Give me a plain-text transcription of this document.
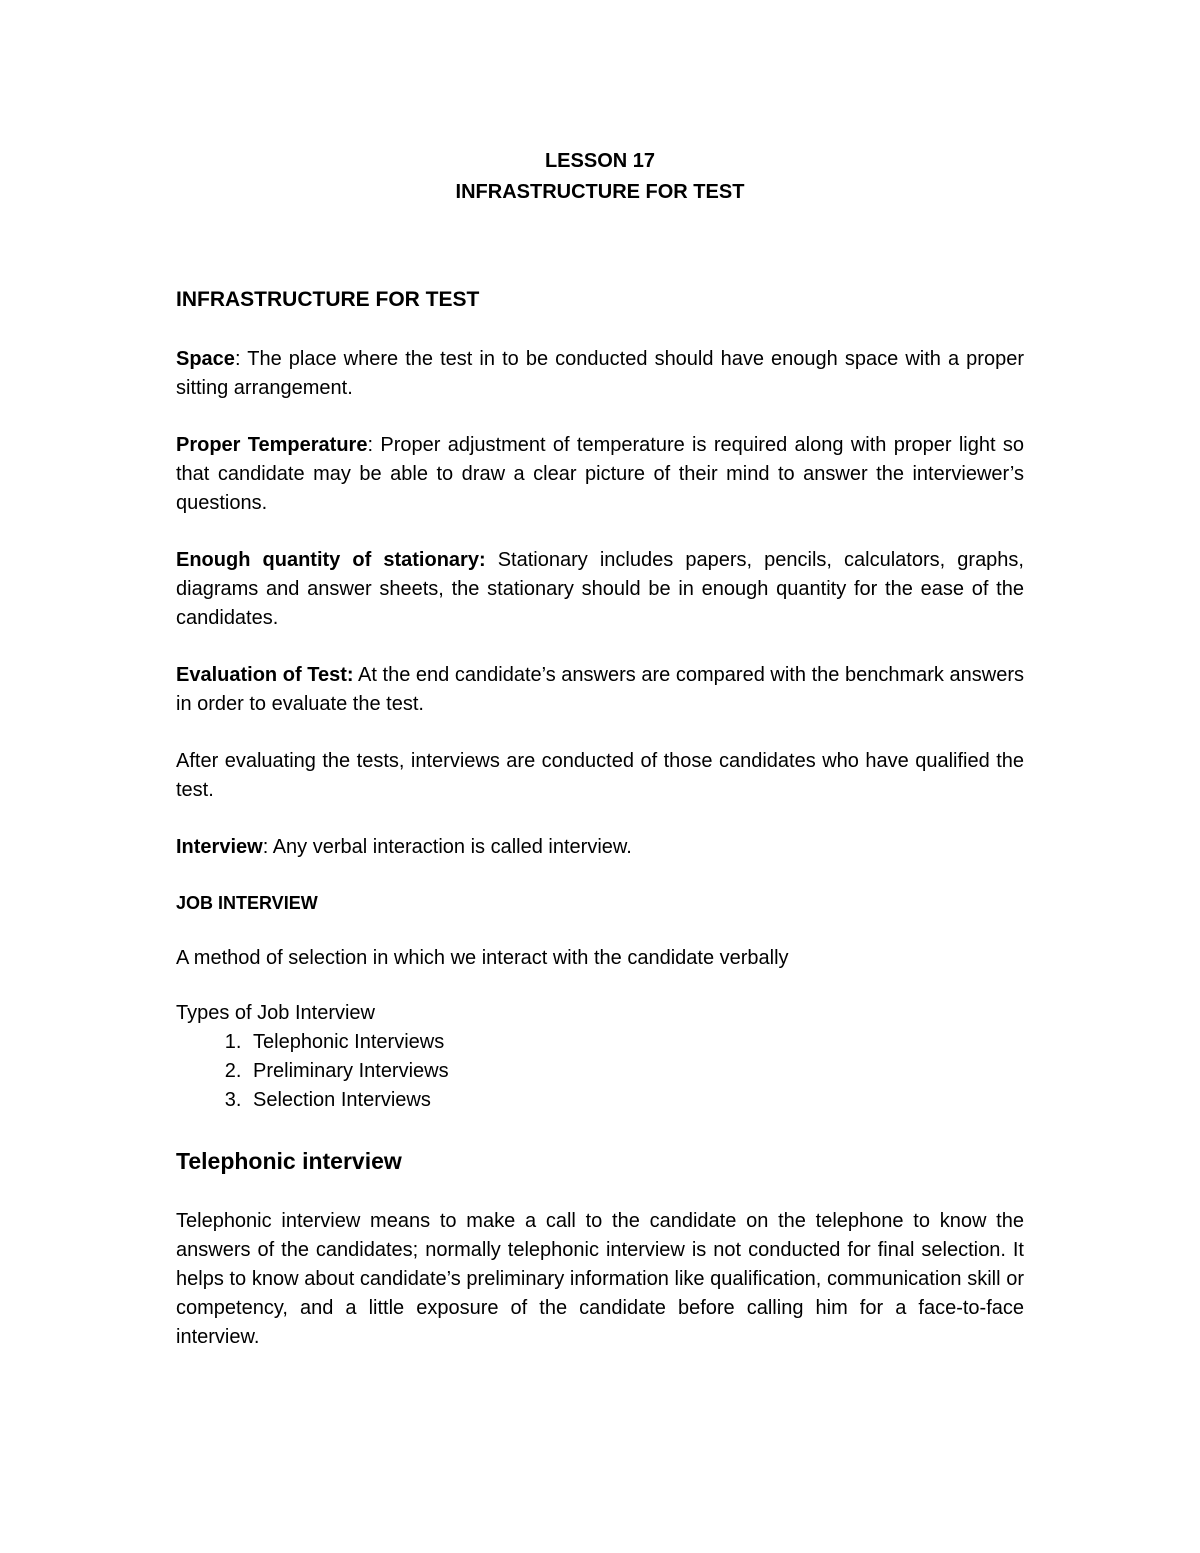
LESSON 17

INFRASTRUCTURE FOR TEST

INFRASTRUCTURE FOR TEST

Space: The place where the test in to be conducted should have enough space with a proper sitting arrangement.

Proper Temperature: Proper adjustment of temperature is required along with proper light so that candidate may be able to draw a clear picture of their mind to answer the interviewer’s questions.

Enough quantity of stationary: Stationary includes papers, pencils, calculators, graphs, diagrams and answer sheets, the stationary should be in enough quantity for the ease of the candidates.

Evaluation of Test: At the end candidate’s answers are compared with the benchmark answers in order to evaluate the test.

After evaluating the tests, interviews are conducted of those candidates who have qualified the test.

Interview: Any verbal interaction is called interview.

JOB INTERVIEW

A method of selection in which we interact with the candidate verbally

Types of Job Interview

1. Telephonic Interviews
2. Preliminary Interviews
3. Selection Interviews

Telephonic interview

Telephonic interview means to make a call to the candidate on the telephone to know the answers of the candidates; normally telephonic interview is not conducted for final selection. It helps to know about candidate’s preliminary information like qualification, communication skill or competency, and a little exposure of the candidate before calling him for a face-to-face interview.
